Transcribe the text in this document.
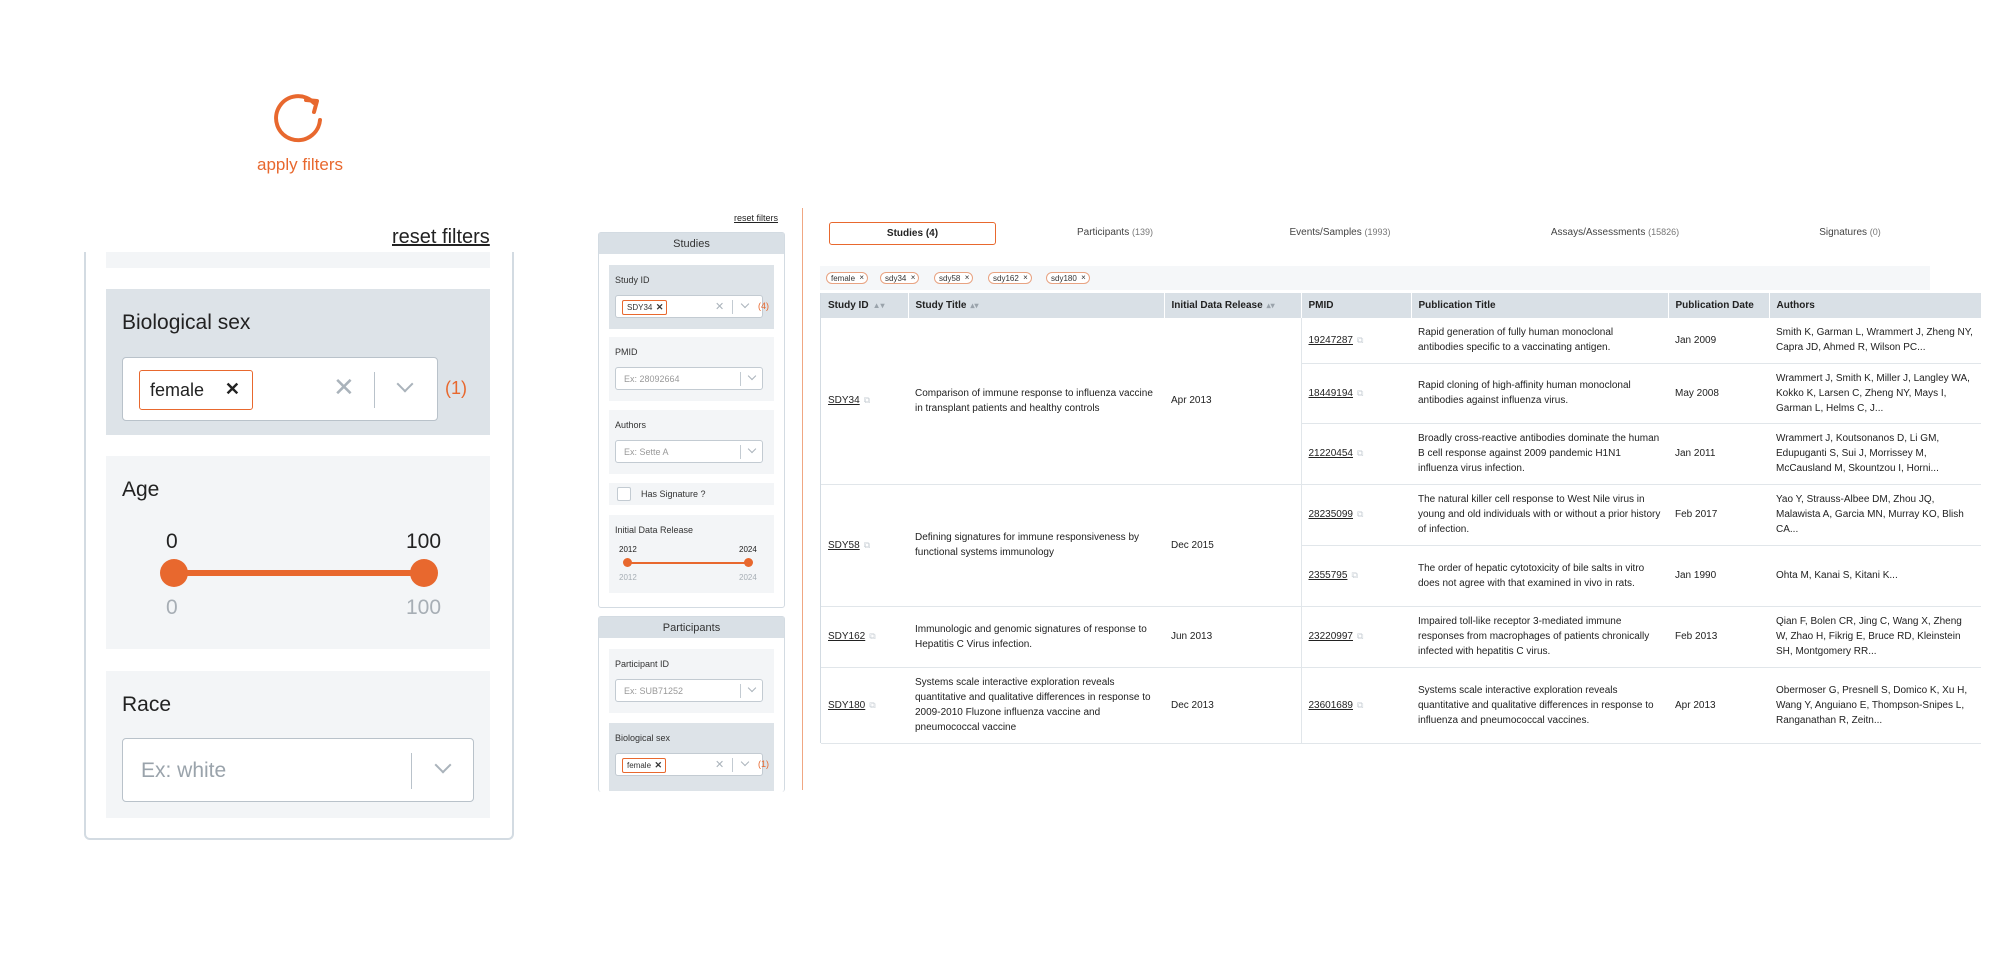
apply filters
reset filters
Biological sex
female ✕	✕	(1)
Age
0	100
0	100
Race
Ex: white
reset filters
Studies
Study ID
SDY34 ✕	✕	(4)
PMID
Ex: 28092664
Authors
Ex: Sette A
Has Signature ?
Initial Data Release
2012	2024
2012	2024
Participants
Participant ID
Ex: SUB71252
Biological sex
female ✕	✕	(1)
Studies (4)	Participants (139)	Events/Samples (1993)	Assays/Assessments (15826)	Signatures (0)
female ×	sdy34 ×	sdy58 ×	sdy162 ×	sdy180 ×
Study ID ▲▾	Study Title ▴▾	Initial Data Release ▴▾	PMID	Publication Title	Publication Date	Authors
SDY34 ⧉	Comparison of immune response to influenza vaccine in transplant patients and healthy controls	Apr 2013	19247287 ⧉	Rapid generation of fully human monoclonal antibodies specific to a vaccinating antigen.	Jan 2009	Smith K, Garman L, Wrammert J, Zheng NY, Capra JD, Ahmed R, Wilson PC...
			18449194 ⧉	Rapid cloning of high-affinity human monoclonal antibodies against influenza virus.	May 2008	Wrammert J, Smith K, Miller J, Langley WA, Kokko K, Larsen C, Zheng NY, Mays I, Garman L, Helms C, J...
			21220454 ⧉	Broadly cross-reactive antibodies dominate the human B cell response against 2009 pandemic H1N1 influenza virus infection.	Jan 2011	Wrammert J, Koutsonanos D, Li GM, Edupuganti S, Sui J, Morrissey M, McCausland M, Skountzou I, Horni...
SDY58 ⧉	Defining signatures for immune responsiveness by functional systems immunology	Dec 2015	28235099 ⧉	The natural killer cell response to West Nile virus in young and old individuals with or without a prior history of infection.	Feb 2017	Yao Y, Strauss-Albee DM, Zhou JQ, Malawista A, Garcia MN, Murray KO, Blish CA...
			2355795 ⧉	The order of hepatic cytotoxicity of bile salts in vitro does not agree with that examined in vivo in rats.	Jan 1990	Ohta M, Kanai S, Kitani K...
SDY162 ⧉	Immunologic and genomic signatures of response to Hepatitis C Virus infection.	Jun 2013	23220997 ⧉	Impaired toll-like receptor 3-mediated immune responses from macrophages of patients chronically infected with hepatitis C virus.	Feb 2013	Qian F, Bolen CR, Jing C, Wang X, Zheng W, Zhao H, Fikrig E, Bruce RD, Kleinstein SH, Montgomery RR...
SDY180 ⧉	Systems scale interactive exploration reveals quantitative and qualitative differences in response to 2009-2010 Fluzone influenza vaccine and pneumococcal vaccine	Dec 2013	23601689 ⧉	Systems scale interactive exploration reveals quantitative and qualitative differences in response to influenza and pneumococcal vaccines.	Apr 2013	Obermoser G, Presnell S, Domico K, Xu H, Wang Y, Anguiano E, Thompson-Snipes L, Ranganathan R, Zeitn...
